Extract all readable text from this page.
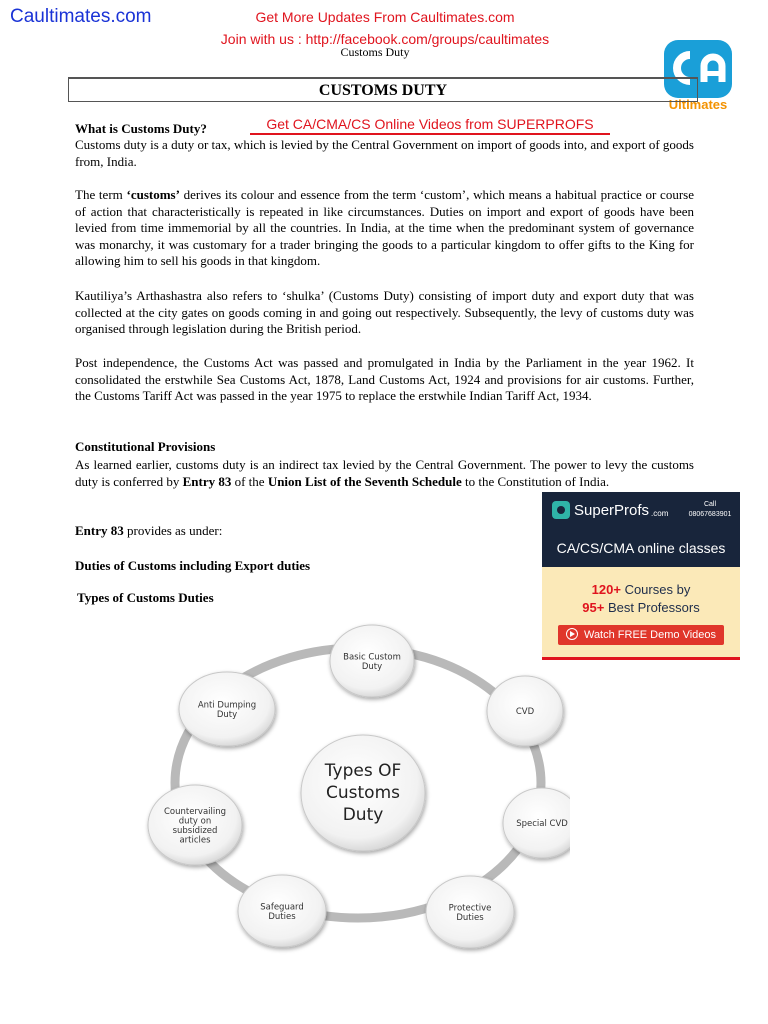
Caultimates.com	Get More Updates From Caultimates.com
Join with us : http://facebook.com/groups/caultimates
Customs Duty
Ultimates
CUSTOMS DUTY
What is Customs Duty?	Get CA/CMA/CS Online Videos from SUPERPROFS
Customs duty is a duty or tax, which is levied by the Central Government on import of goods into, and export of goods from, India.
The term ‘customs’ derives its colour and essence from the term ‘custom’, which means a habitual practice or course of action that characteristically is repeated in like circumstances. Duties on import and export of goods have been levied from time immemorial by all the countries. In India, at the time when the predominant system of governance was monarchy, it was customary for a trader bringing the goods to a particular kingdom to offer gifts to the King for allowing him to sell his goods in that kingdom.
Kautiliya’s Arthashastra also refers to ‘shulka’ (Customs Duty) consisting of import duty and export duty that was collected at the city gates on goods coming in and going out respectively. Subsequently, the levy of customs duty was organised through legislation during the British period.
Post independence, the Customs Act was passed and promulgated in India by the Parliament in the year 1962. It consolidated the erstwhile Sea Customs Act, 1878, Land Customs Act, 1924 and provisions for air customs. Further, the Customs Tariff Act was passed in the year 1975 to replace the erstwhile Indian Tariff Act, 1934.
Constitutional Provisions
As learned earlier, customs duty is an indirect tax levied by the Central Government. The power to levy the customs duty is conferred by Entry 83 of the Union List of the Seventh Schedule to the Constitution of India.
Entry 83 provides as under:
Duties of Customs including Export duties
Types of Customs Duties
SuperProfs .com
Call
08067683901
CA/CS/CMA online classes
120+ Courses by
95+ Best Professors
Watch FREE Demo Videos
Basic Custom
Duty
CVD
Special CVD
Protective
Duties
Safeguard
Duties
Countervailing
duty on
subsidized
articles
Anti Dumping
Duty
Types OF
Customs
Duty
